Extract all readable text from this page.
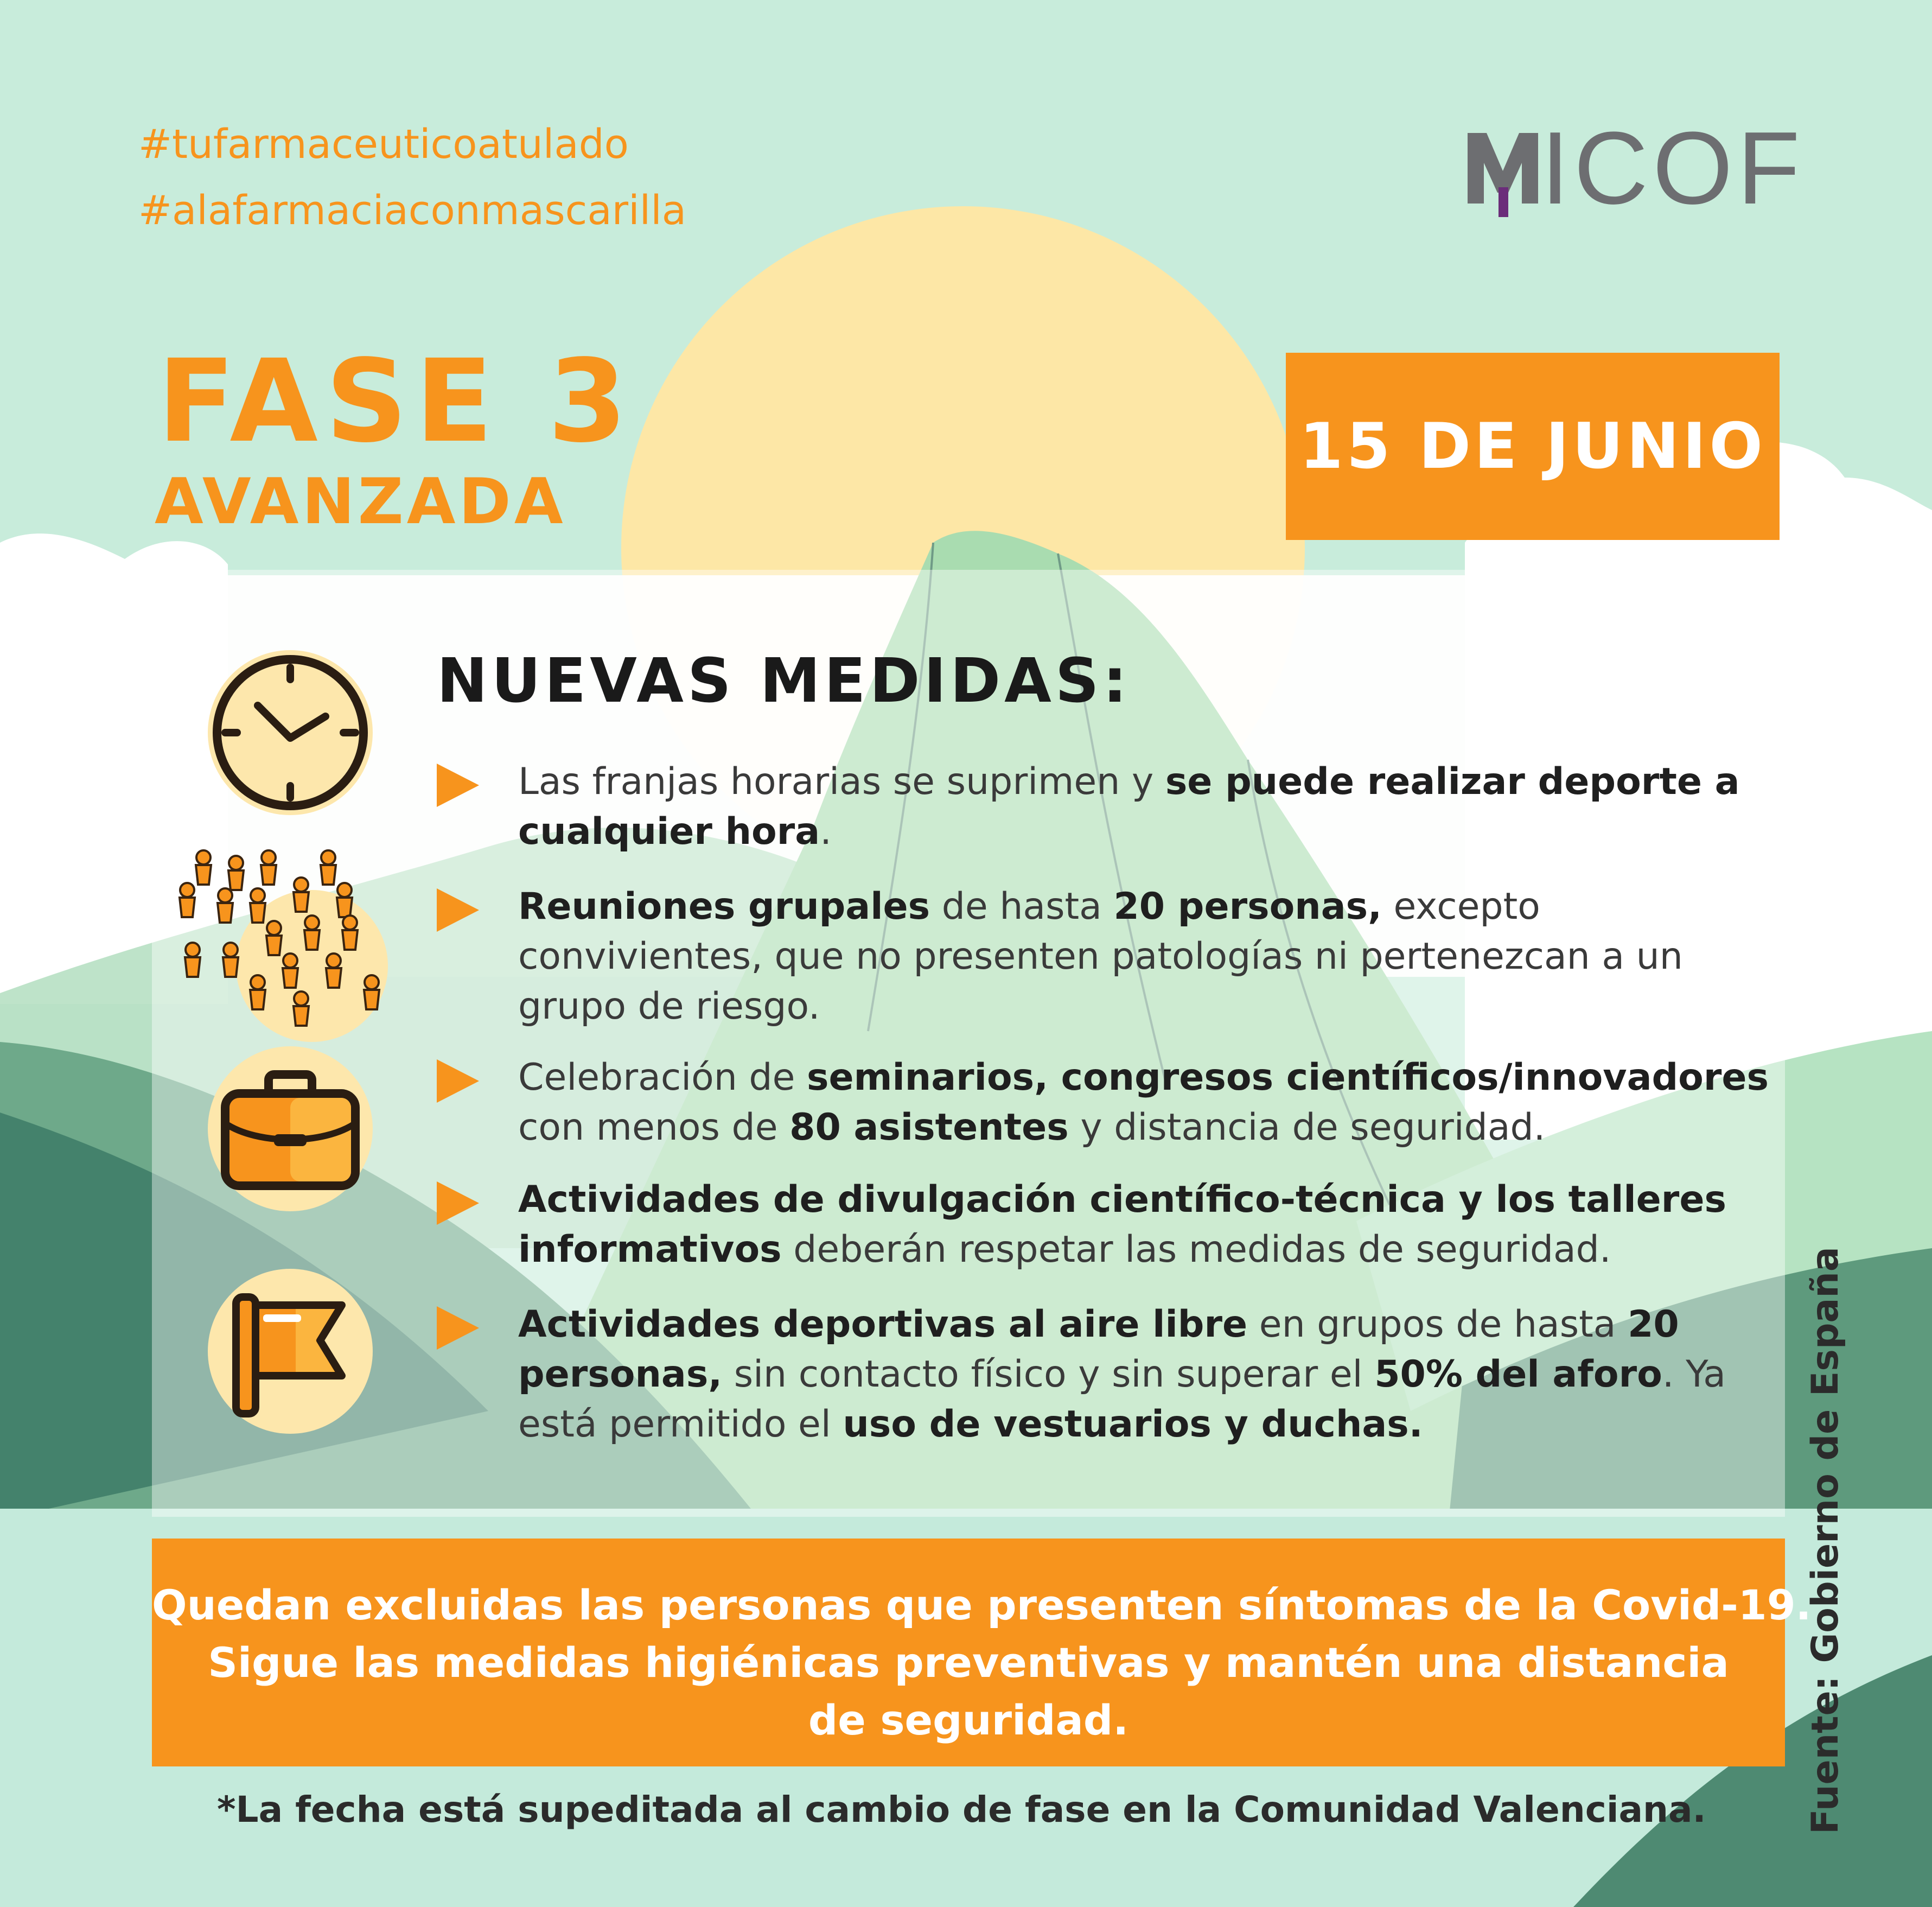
#tufarmaceuticoatulado
#alafarmaciaconmascarilla	ICOF
FASE 3
AVANZADA
15 DE JUNIO
NUEVAS MEDIDAS:
Las franjas horarias se suprimen y se puede realizar deporte a cualquier hora.
Reuniones grupales de hasta 20 personas, excepto convivientes, que no presenten patologías ni pertenezcan a un grupo de riesgo.
Celebración de seminarios, congresos científicos/innovadores con menos de 80 asistentes y distancia de seguridad.
Actividades de divulgación científico-técnica y los talleres informativos deberán respetar las medidas de seguridad.
Actividades deportivas al aire libre en grupos de hasta 20 personas, sin contacto físico y sin superar el 50% del aforo. Ya está permitido el uso de vestuarios y duchas.
Quedan excluidas las personas que presenten síntomas de la Covid-19.
Sigue las medidas higiénicas preventivas y mantén una distancia
de seguridad.
*La fecha está supeditada al cambio de fase en la Comunidad Valenciana.	Fuente: Gobierno de España
